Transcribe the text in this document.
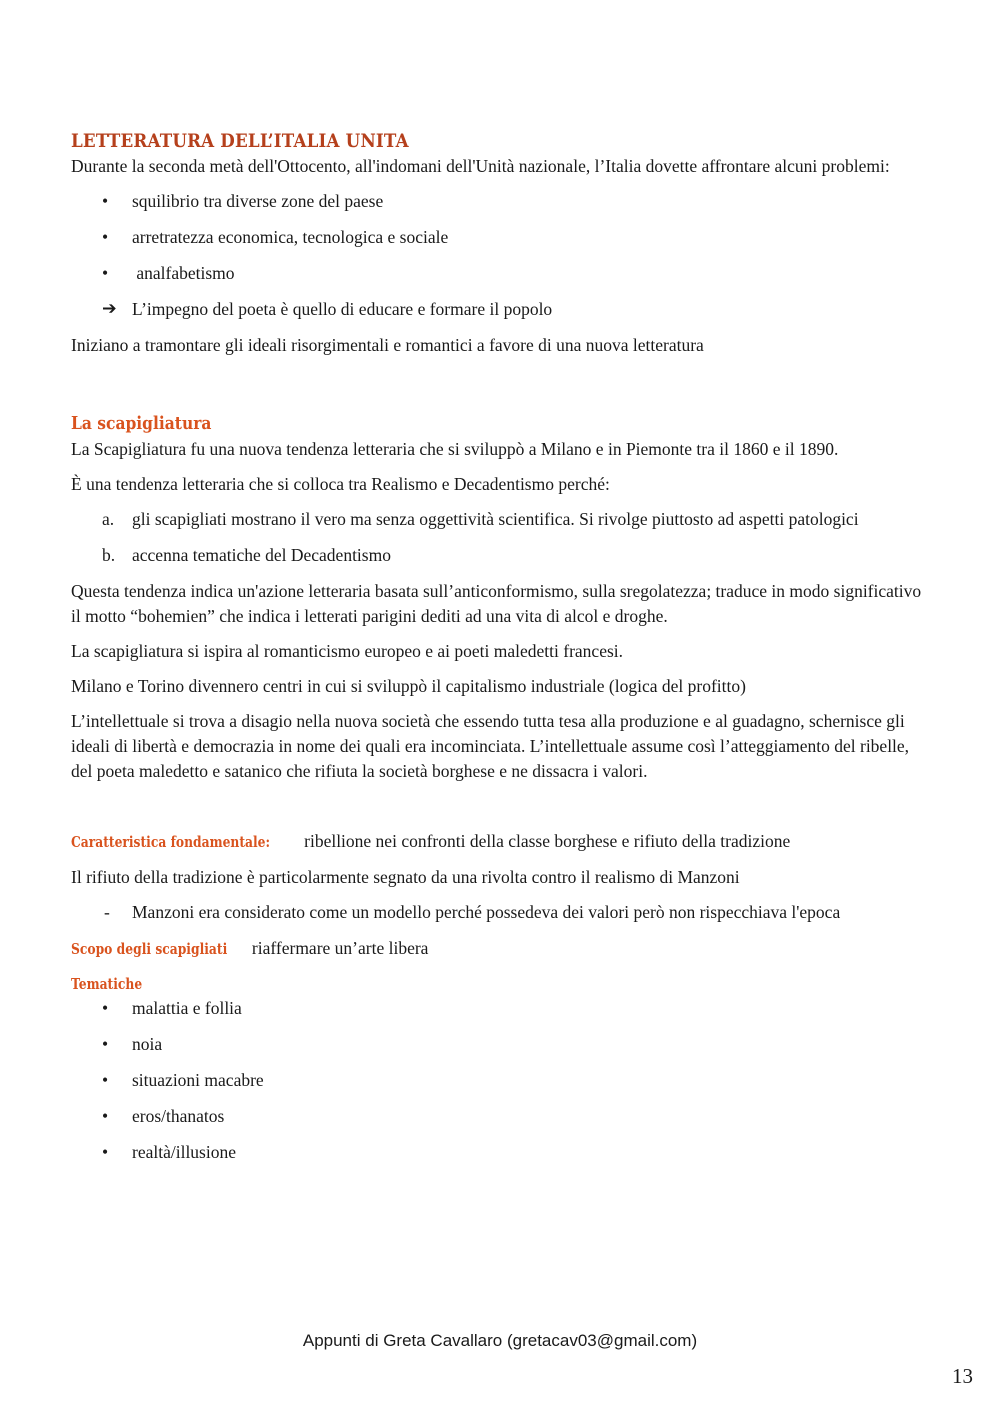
LETTERATURA DELL’ITALIA UNITA

Durante la seconda metà dell'Ottocento, all'indomani dell'Unità nazionale, l’Italia dovette affrontare alcuni problemi:

•	squilibrio tra diverse zone del paese
•	arretratezza economica, tecnologica e sociale
•	analfabetismo
➔ L’impegno del poeta è quello di educare e formare il popolo

Iniziano a tramontare gli ideali risorgimentali e romantici a favore di una nuova letteratura

La scapigliatura

La Scapigliatura fu una nuova tendenza letteraria che si sviluppò a Milano e in Piemonte tra il 1860 e il 1890.

È una tendenza letteraria che si colloca tra Realismo e Decadentismo perché:

a.	gli scapigliati mostrano il vero ma senza oggettività scientifica. Si rivolge piuttosto ad aspetti patologici
b. accenna tematiche del Decadentismo

Questa tendenza indica un'azione letteraria basata sull’anticonformismo, sulla sregolatezza; traduce in modo significativo il motto “bohemien” che indica i letterati parigini dediti ad una vita di alcol e droghe.

La scapigliatura si ispira al romanticismo europeo e ai poeti maledetti francesi.

Milano e Torino divennero centri in cui si sviluppò il capitalismo industriale (logica del profitto)

L’intellettuale si trova a disagio nella nuova società che essendo tutta tesa alla produzione e al guadagno, schernisce gli ideali di libertà e democrazia in nome dei quali era incominciata. L’intellettuale assume così l’atteggiamento del ribelle, del poeta maledetto e satanico che rifiuta la società borghese e ne dissacra i valori.

Caratteristica fondamentale: ribellione nei confronti della classe borghese e rifiuto della tradizione

Il rifiuto della tradizione è particolarmente segnato da una rivolta contro il realismo di Manzoni

-	Manzoni era considerato come un modello perché possedeva dei valori però non rispecchiava l'epoca

Scopo degli scapigliati riaffermare un’arte libera

Tematiche
•	malattia e follia
•	noia
•	situazioni macabre
•	eros/thanatos
•	realtà/illusione
Appunti di Greta Cavallaro (gretacav03@gmail.com)
13
